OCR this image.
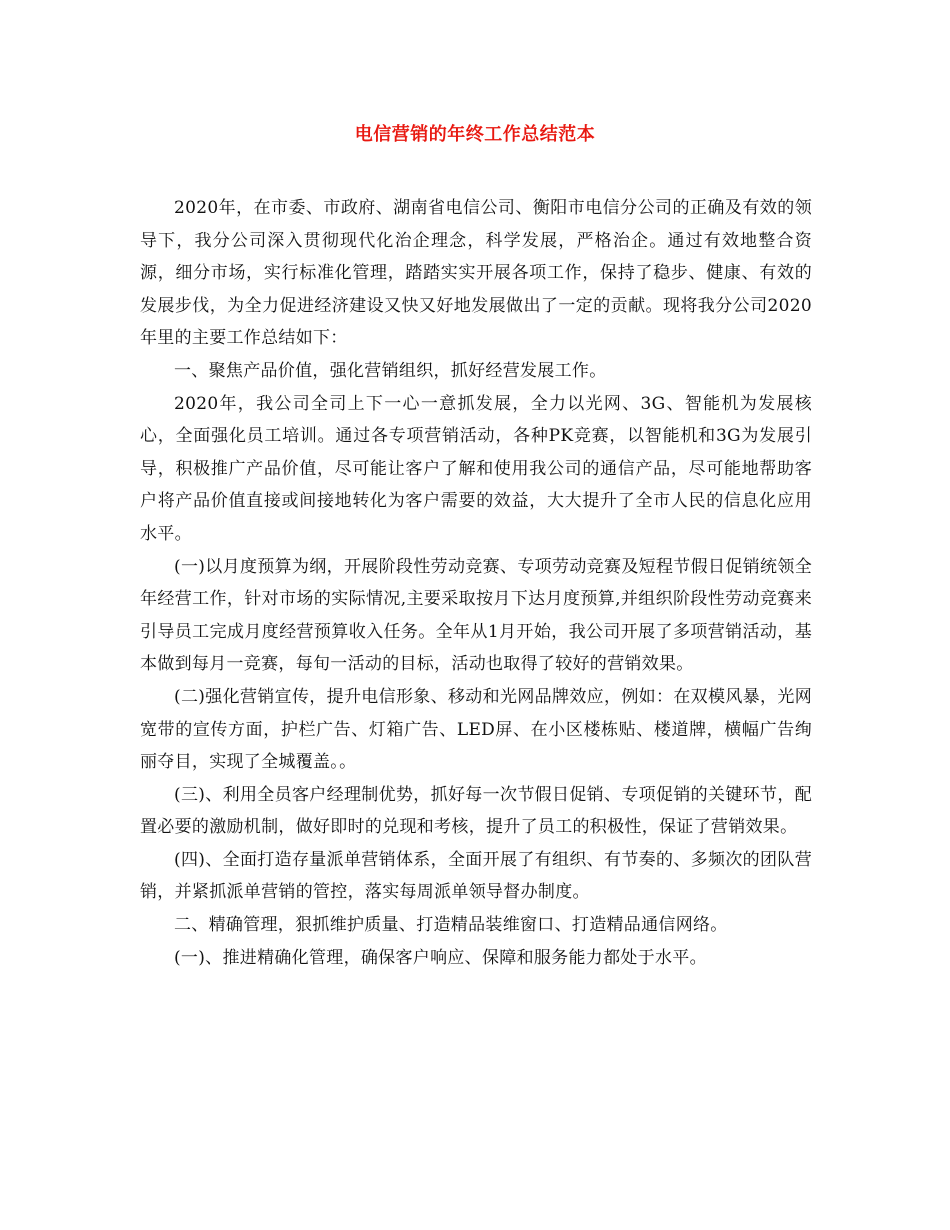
电信营销的年终工作总结范本

2020年，在市委、市政府、湖南省电信公司、衡阳市电信分公司的正确及有效的领导下，我分公司深入贯彻现代化治企理念，科学发展，严格治企。通过有效地整合资源，细分市场，实行标准化管理，踏踏实实开展各项工作，保持了稳步、健康、有效的发展步伐，为全力促进经济建设又快又好地发展做出了一定的贡献。现将我分公司2020年里的主要工作总结如下：

一、聚焦产品价值，强化营销组织，抓好经营发展工作。

2020年，我公司全司上下一心一意抓发展，全力以光网、3G、智能机为发展核心，全面强化员工培训。通过各专项营销活动，各种PK竞赛，以智能机和3G为发展引导，积极推广产品价值，尽可能让客户了解和使用我公司的通信产品，尽可能地帮助客户将产品价值直接或间接地转化为客户需要的效益，大大提升了全市人民的信息化应用水平。

(一)以月度预算为纲，开展阶段性劳动竞赛、专项劳动竞赛及短程节假日促销统领全年经营工作，针对市场的实际情况,主要采取按月下达月度预算,并组织阶段性劳动竞赛来引导员工完成月度经营预算收入任务。全年从1月开始，我公司开展了多项营销活动，基本做到每月一竞赛，每旬一活动的目标，活动也取得了较好的营销效果。

(二)强化营销宣传，提升电信形象、移动和光网品牌效应，例如：在双模风暴，光网宽带的宣传方面，护栏广告、灯箱广告、LED屏、在小区楼栋贴、楼道牌，横幅广告绚丽夺目，实现了全城覆盖。。

(三)、利用全员客户经理制优势，抓好每一次节假日促销、专项促销的关键环节，配置必要的激励机制，做好即时的兑现和考核，提升了员工的积极性，保证了营销效果。

(四)、全面打造存量派单营销体系，全面开展了有组织、有节奏的、多频次的团队营销，并紧抓派单营销的管控，落实每周派单领导督办制度。

二、精确管理，狠抓维护质量、打造精品装维窗口、打造精品通信网络。

(一)、推进精确化管理，确保客户响应、保障和服务能力都处于水平。
